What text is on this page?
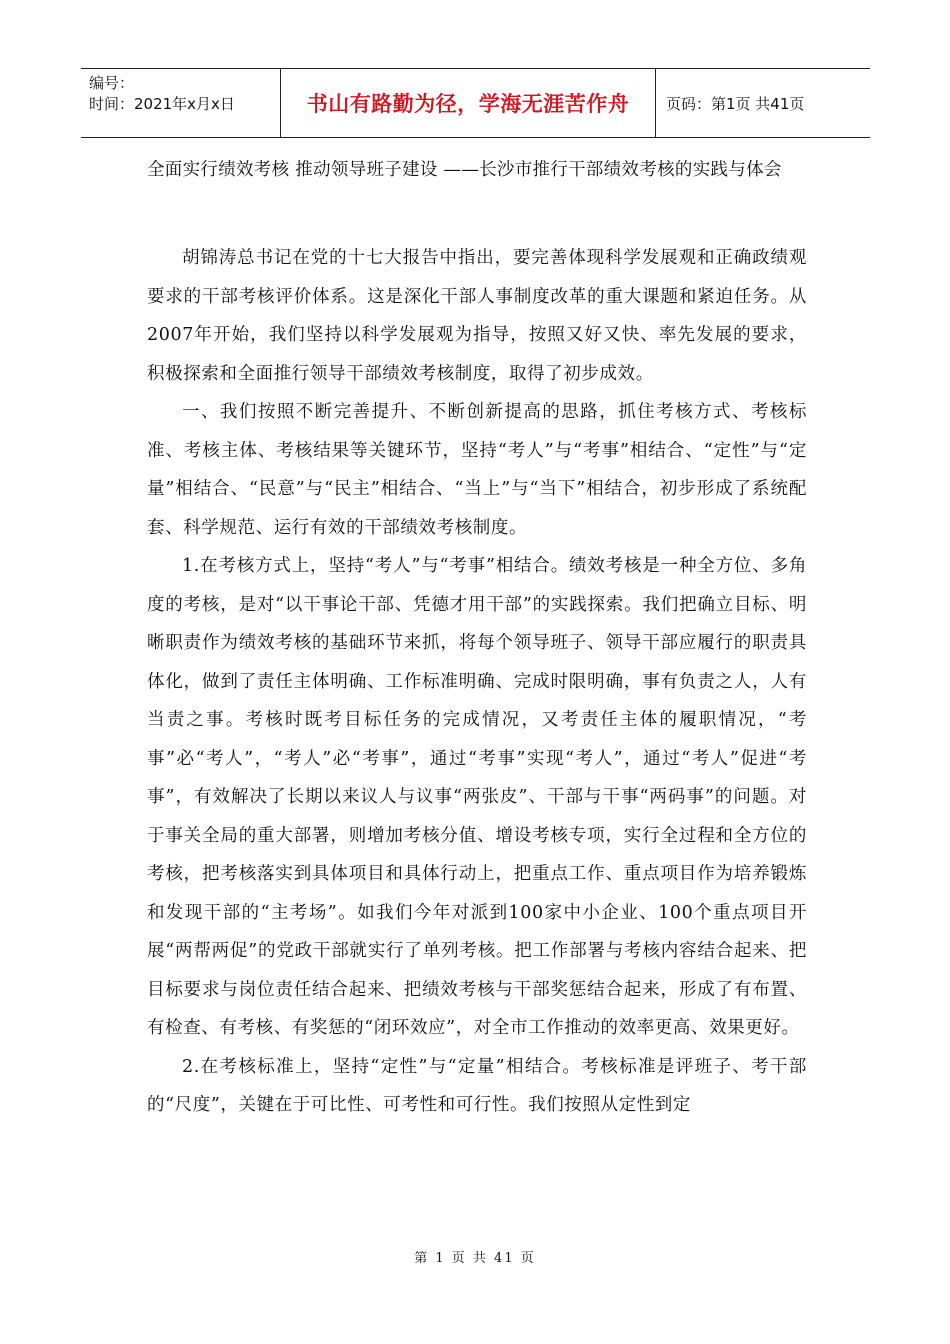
编号：
时间：2021年x月x日	书山有路勤为径，学海无涯苦作舟	页码：第1页 共41页
全面实行绩效考核 推动领导班子建设 ——长沙市推行干部绩效考核的实践与体会

胡锦涛总书记在党的十七大报告中指出，要完善体现科学发展观和正确政绩观要求的干部考核评价体系。这是深化干部人事制度改革的重大课题和紧迫任务。从2007年开始，我们坚持以科学发展观为指导，按照又好又快、率先发展的要求，积极探索和全面推行领导干部绩效考核制度，取得了初步成效。

一、我们按照不断完善提升、不断创新提高的思路，抓住考核方式、考核标准、考核主体、考核结果等关键环节，坚持“考人”与“考事”相结合、“定性”与“定量”相结合、“民意”与“民主”相结合、“当上”与“当下”相结合，初步形成了系统配套、科学规范、运行有效的干部绩效考核制度。

1.在考核方式上，坚持“考人”与“考事”相结合。绩效考核是一种全方位、多角度的考核，是对“以干事论干部、凭德才用干部”的实践探索。我们把确立目标、明晰职责作为绩效考核的基础环节来抓，将每个领导班子、领导干部应履行的职责具体化，做到了责任主体明确、工作标准明确、完成时限明确，事有负责之人，人有当责之事。考核时既考目标任务的完成情况，又考责任主体的履职情况，“考事”必“考人”，“考人”必“考事”，通过“考事”实现“考人”，通过“考人”促进“考事”，有效解决了长期以来议人与议事“两张皮”、干部与干事“两码事”的问题。对于事关全局的重大部署，则增加考核分值、增设考核专项，实行全过程和全方位的考核，把考核落实到具体项目和具体行动上，把重点工作、重点项目作为培养锻炼和发现干部的“主考场”。如我们今年对派到100家中小企业、100个重点项目开展“两帮两促”的党政干部就实行了单列考核。把工作部署与考核内容结合起来、把目标要求与岗位责任结合起来、把绩效考核与干部奖惩结合起来，形成了有布置、有检查、有考核、有奖惩的“闭环效应”，对全市工作推动的效率更高、效果更好。

2.在考核标准上，坚持“定性”与“定量”相结合。考核标准是评班子、考干部的“尺度”，关键在于可比性、可考性和可行性。我们按照从定性到定

第 1 页 共 41 页
